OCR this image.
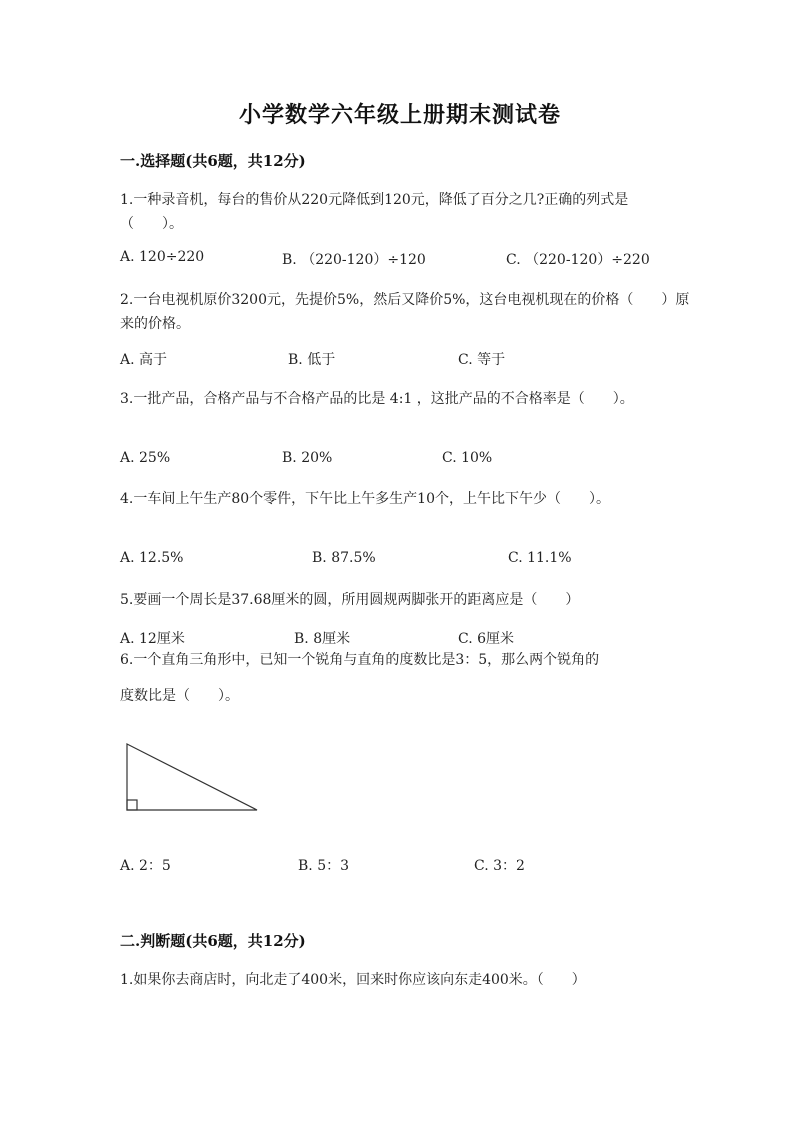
小学数学六年级上册期末测试卷
一.选择题(共6题，共12分)
1.一种录音机，每台的售价从220元降低到120元，降低了百分之几?正确的列式是（　　）。
A. 120÷220	B. （220-120）÷120	C. （220-120）÷220
2.一台电视机原价3200元，先提价5%，然后又降价5%，这台电视机现在的价格（　　）原来的价格。
A. 高于	B. 低于	C. 等于
3.一批产品，合格产品与不合格产品的比是 4:1 ，这批产品的不合格率是（　　）。
A. 25%	B. 20%	C. 10%
4.一车间上午生产80个零件，下午比上午多生产10个，上午比下午少（　　）。
A. 12.5%	B. 87.5%	C. 11.1%
5.要画一个周长是37.68厘米的圆，所用圆规两脚张开的距离应是（　　）
A. 12厘米	B. 8厘米	C. 6厘米
6.一个直角三角形中，已知一个锐角与直角的度数比是3：5，那么两个锐角的
度数比是（　　）。
A. 2：5	B. 5：3	C. 3：2
二.判断题(共6题，共12分)
1.如果你去商店时，向北走了400米，回来时你应该向东走400米。（　　）
